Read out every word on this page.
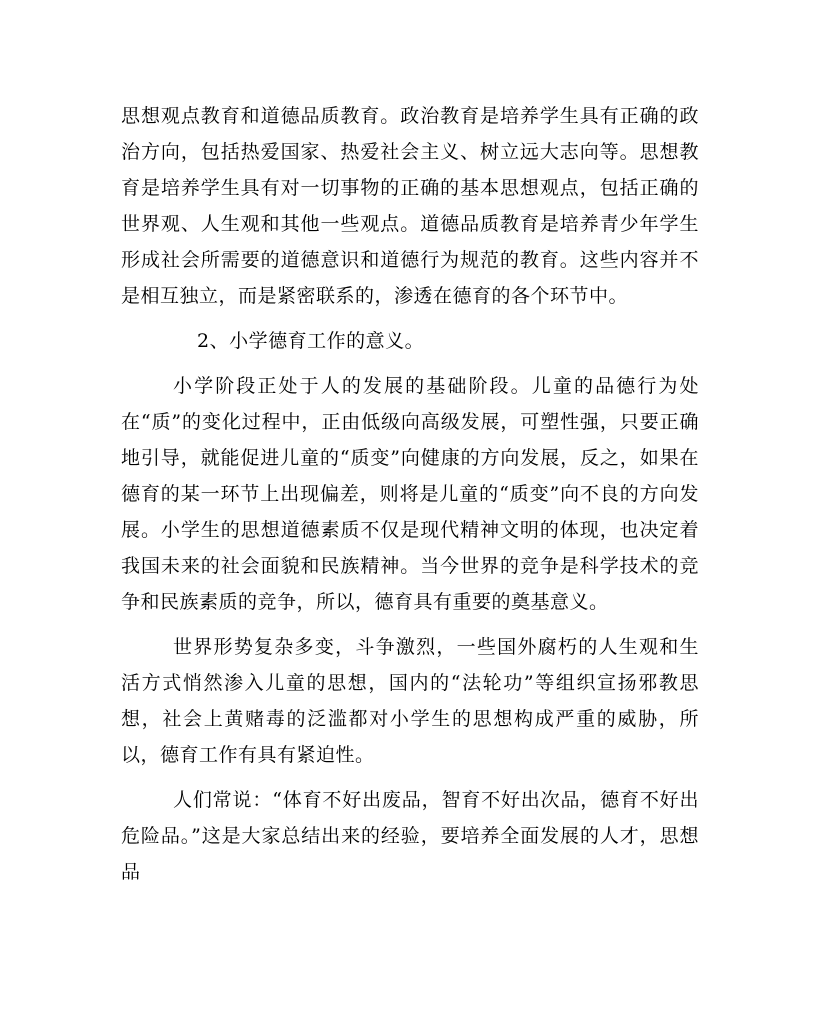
思想观点教育和道德品质教育。政治教育是培养学生具有正确的政治方向，包括热爱国家、热爱社会主义、树立远大志向等。思想教育是培养学生具有对一切事物的正确的基本思想观点，包括正确的世界观、人生观和其他一些观点。道德品质教育是培养青少年学生形成社会所需要的道德意识和道德行为规范的教育。这些内容并不是相互独立，而是紧密联系的，渗透在德育的各个环节中。

2、小学德育工作的意义。

小学阶段正处于人的发展的基础阶段。儿童的品德行为处在“质”的变化过程中，正由低级向高级发展，可塑性强，只要正确地引导，就能促进儿童的“质变”向健康的方向发展，反之，如果在德育的某一环节上出现偏差，则将是儿童的“质变”向不良的方向发展。小学生的思想道德素质不仅是现代精神文明的体现，也决定着我国未来的社会面貌和民族精神。当今世界的竞争是科学技术的竞争和民族素质的竞争，所以，德育具有重要的奠基意义。

世界形势复杂多变，斗争激烈，一些国外腐朽的人生观和生活方式悄然渗入儿童的思想，国内的“法轮功”等组织宣扬邪教思想，社会上黄赌毒的泛滥都对小学生的思想构成严重的威胁，所以，德育工作有具有紧迫性。

人们常说：“体育不好出废品，智育不好出次品，德育不好出危险品。”这是大家总结出来的经验，要培养全面发展的人才，思想品
